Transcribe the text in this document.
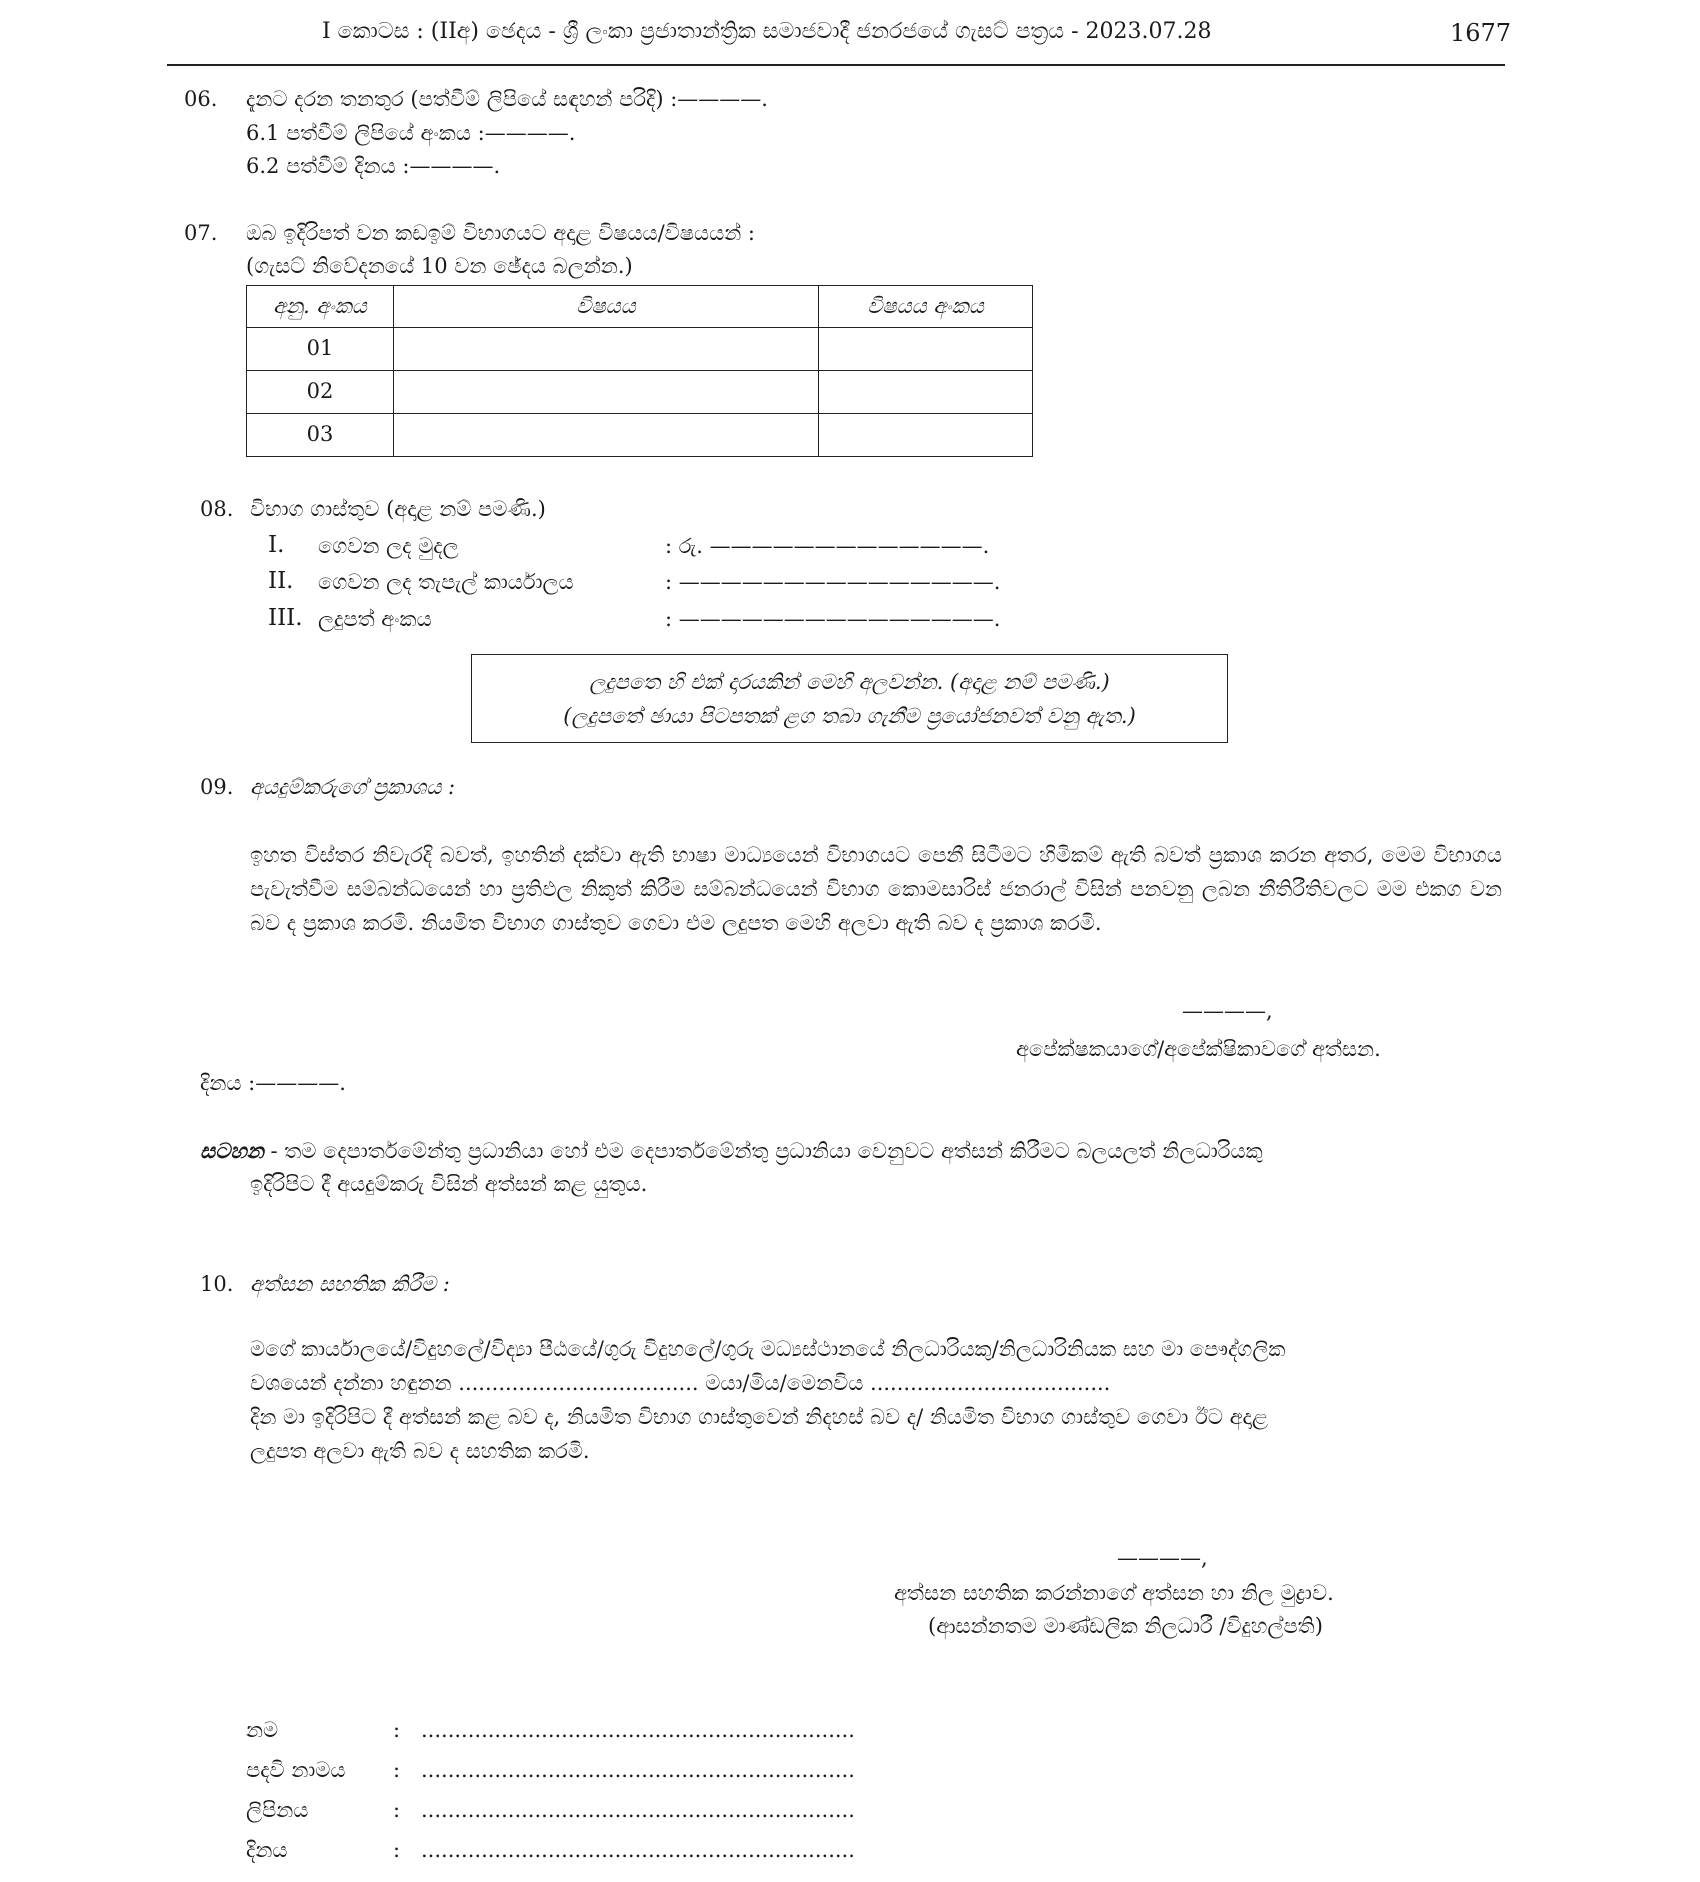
I කොටස : (IIඅ) ඡෙදය - ශ්‍රී ලංකා ප්‍රජාතාන්ත්‍රික සමාජවාදී ජනරජයේ ගැසට් පත්‍රය - 2023.07.28	1677
06. දැනට දරන තනතුර (පත්වීම් ලිපියේ සඳහන් පරිදි) :————.
6.1 පත්වීම් ලිපියේ අංකය :————.
6.2 පත්වීම් දිනය :————.
07. ඔබ ඉදිරිපත් වන කඩඉම් විභාගයට අදාළ විෂයය/විෂයයන් :
(ගැසට් නිවේදනයේ 10 වන ඡේදය බලන්න.)
අනු. අංකය	විෂයය	විෂයය අංකය
01		
02		
03		
08. විභාග ගාස්තුව (අදාළ නම් පමණි.)
I. ගෙවන ලද මුදල	: රු. —————————————.
II. ගෙවන ලද තැපැල් කාර්යාලය	: ———————————————.
III. ලදුපත් අංකය	: ———————————————.
ලදුපතෙ හි එක් දාරයකින් මෙහි අලවන්න. (අදාළ නම් පමණි.)
(ලදුපතේ ඡායා පිටපතක් ළග තබා ගැනීම ප්‍රයෝජනවත් වනු ඇත.)
09. අයදුම්කරුගේ ප්‍රකාශය :
ඉහත විස්තර නිවැරදි බවත්, ඉහතින් දක්වා ඇති භාෂා මාධ්‍යයෙන් විභාගයට පෙනී සිටීමට හිමිකම් ඇති බවත් ප්‍රකාශ කරන අතර, මෙම විභාගය පැවැත්වීම සම්බන්ධයෙන් හා ප්‍රතිඵල නිකුත් කිරීම සම්බන්ධයෙන් විභාග කොමසාරිස් ජනරාල් විසින් පනවනු ලබන නීතිරීතිවලට මම එකග වන බව ද ප්‍රකාශ කරමි. නියමිත විභාග ගාස්තුව ගෙවා එම ලදුපත මෙහි අලවා ඇති බව ද ප්‍රකාශ කරමි.
————,
අපේක්ෂකයාගේ/අපේක්ෂිකාවගේ අත්සන.
දිනය :————.
සටහන - තම දෙපාර්තමේන්තු ප්‍රධානියා හෝ එම දෙපාර්තමේන්තු ප්‍රධානියා වෙනුවට අත්සන් කිරීමට බලයලත් නිලධාරියකු
ඉදිරිපිට දී අයදුම්කරු විසින් අත්සන් කළ යුතුය.
10. අත්සන සහතික කිරීම :
මගේ කාර්යාලයේ/විදුහලේ/විද්‍යා පීඨයේ/ගුරු විදුහලේ/ගුරු මධ්‍යස්ථානයේ නිලධාරියකු/නිලධාරිනියක සහ මා පෞද්ගලික
වශයෙන් දන්නා හඳුනන .................................... මයා/මිය/මෙනවිය ....................................
දින මා ඉදිරිපිට දී අත්සන් කළ බව ද, නියමිත විභාග ගාස්තුවෙන් නිදහස් බව ද/ නියමිත විභාග ගාස්තුව ගෙවා ඊට අදාළ
ලදුපත අලවා ඇති බව ද සහතික කරමි.
————,
අත්සන සහතික කරන්නාගේ අත්සන හා නිල මුද්‍රාව.
(ආසන්නතම මාණ්ඩලික නිලධාරී /විදුහල්පති)
නම	: .................................................................
පදවි නාමය : .................................................................
ලිපිනය	: .................................................................
දිනය	: .................................................................
